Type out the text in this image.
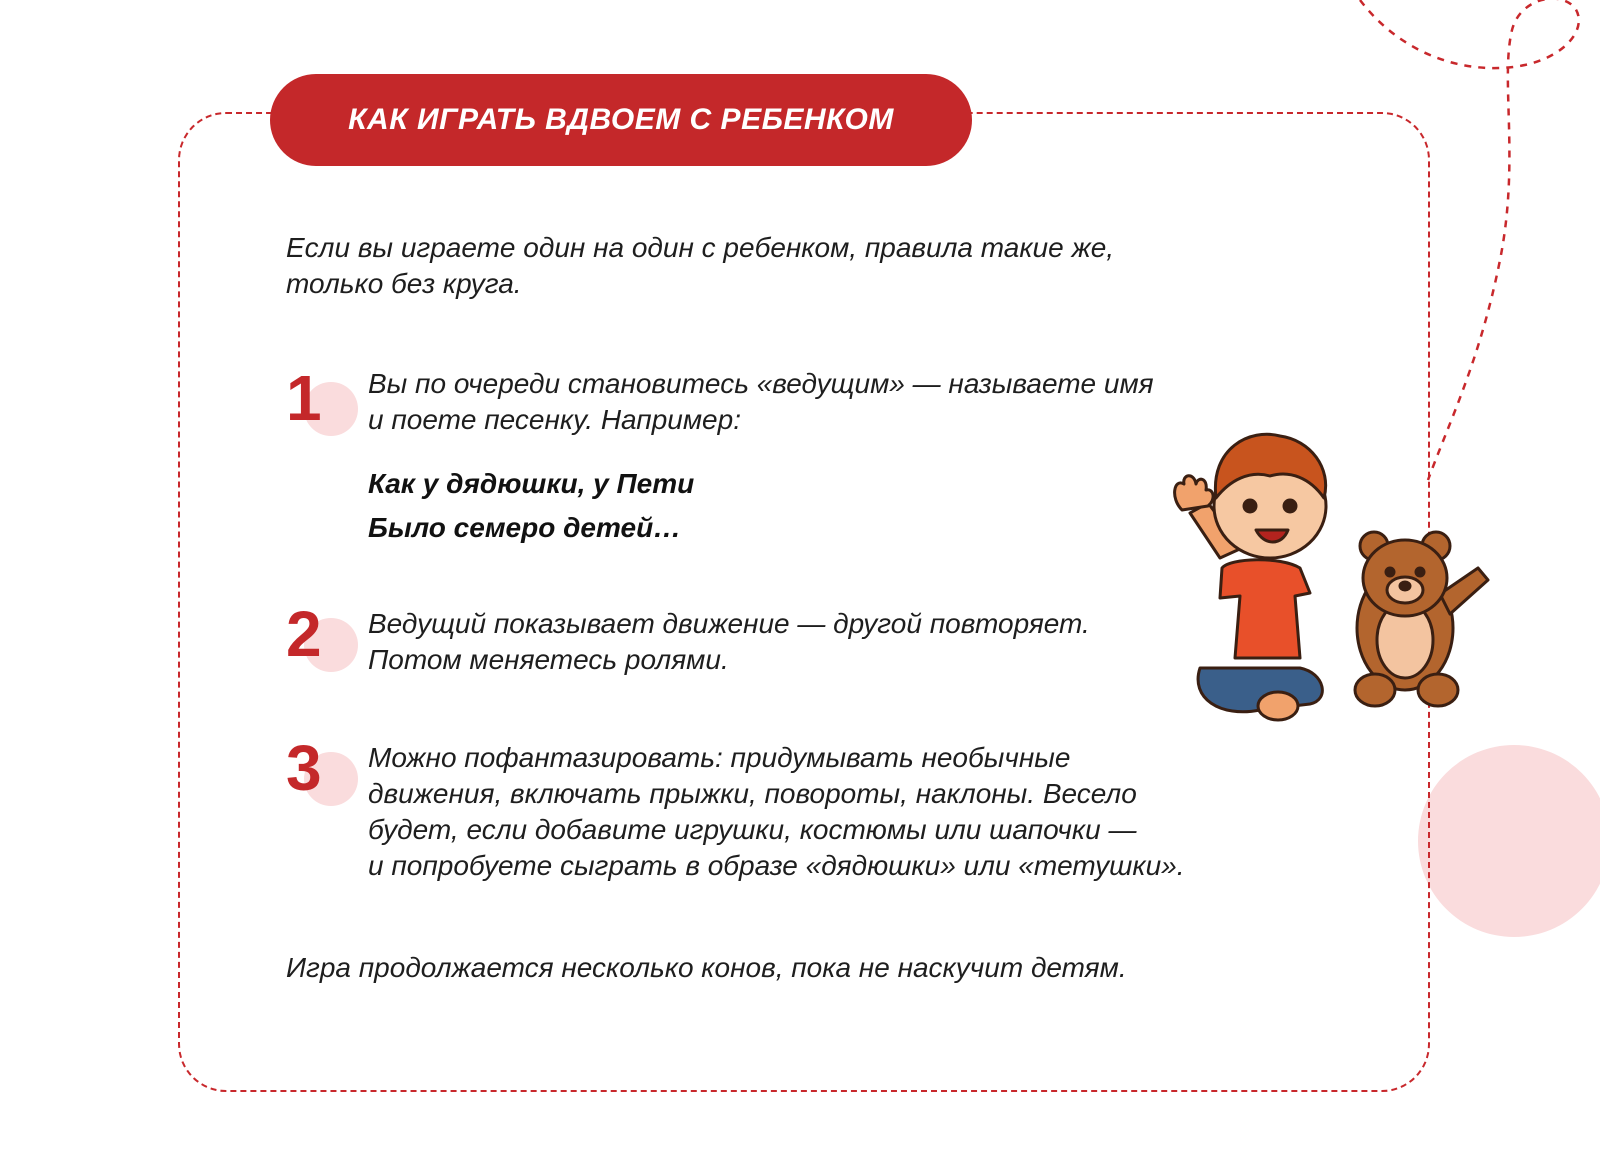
КАК ИГРАТЬ ВДВОЕМ С РЕБЕНКОМ
Если вы играете один на один с ребенком, правила такие же,
только без круга.
1 Вы по очереди становитесь «ведущим» — называете имя
и поете песенку. Например:
Как у дядюшки, у Пети
Было семеро детей…
2 Ведущий показывает движение — другой повторяет.
Потом меняетесь ролями.
3 Можно пофантазировать: придумывать необычные
движения, включать прыжки, повороты, наклоны. Весело
будет, если добавите игрушки, костюмы или шапочки —
и попробуете сыграть в образе «дядюшки» или «тетушки».
Игра продолжается несколько конов, пока не наскучит детям.
